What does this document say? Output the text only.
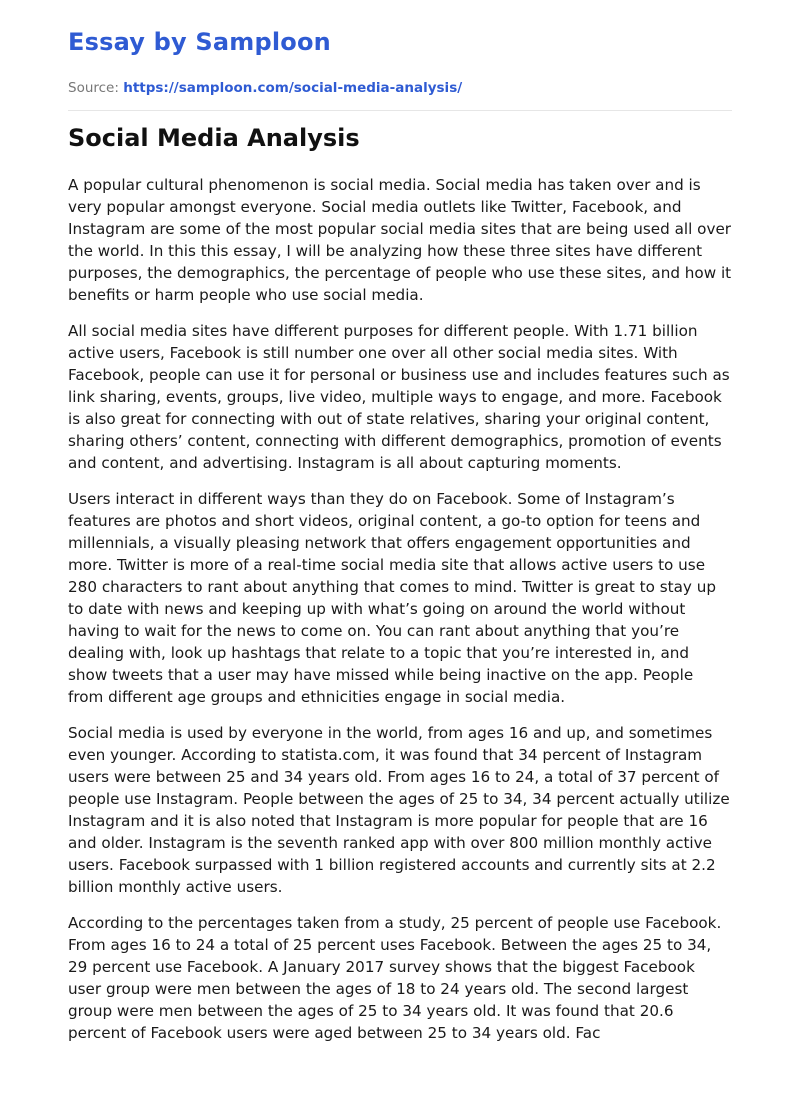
Essay by Samploon
Source: https://samploon.com/social-media-analysis/
Social Media Analysis

A popular cultural phenomenon is social media. Social media has taken over and is very popular amongst everyone. Social media outlets like Twitter, Facebook, and Instagram are some of the most popular social media sites that are being used all over the world. In this this essay, I will be analyzing how these three sites have different purposes, the demographics, the percentage of people who use these sites, and how it benefits or harm people who use social media.

All social media sites have different purposes for different people. With 1.71 billion active users, Facebook is still number one over all other social media sites. With Facebook, people can use it for personal or business use and includes features such as link sharing, events, groups, live video, multiple ways to engage, and more. Facebook is also great for connecting with out of state relatives, sharing your original content, sharing others’ content, connecting with different demographics, promotion of events and content, and advertising. Instagram is all about capturing moments.

Users interact in different ways than they do on Facebook. Some of Instagram’s features are photos and short videos, original content, a go-to option for teens and millennials, a visually pleasing network that offers engagement opportunities and more. Twitter is more of a real-time social media site that allows active users to use 280 characters to rant about anything that comes to mind. Twitter is great to stay up to date with news and keeping up with what’s going on around the world without having to wait for the news to come on. You can rant about anything that you’re dealing with, look up hashtags that relate to a topic that you’re interested in, and show tweets that a user may have missed while being inactive on the app. People from different age groups and ethnicities engage in social media.

Social media is used by everyone in the world, from ages 16 and up, and sometimes even younger. According to statista.com, it was found that 34 percent of Instagram users were between 25 and 34 years old. From ages 16 to 24, a total of 37 percent of people use Instagram. People between the ages of 25 to 34, 34 percent actually utilize Instagram and it is also noted that Instagram is more popular for people that are 16 and older. Instagram is the seventh ranked app with over 800 million monthly active users. Facebook surpassed with 1 billion registered accounts and currently sits at 2.2 billion monthly active users.

According to the percentages taken from a study, 25 percent of people use Facebook. From ages 16 to 24 a total of 25 percent uses Facebook. Between the ages 25 to 34, 29 percent use Facebook. A January 2017 survey shows that the biggest Facebook user group were men between the ages of 18 to 24 years old. The second largest group were men between the ages of 25 to 34 years old. It was found that 20.6 percent of Facebook users were aged between 25 to 34 years old. Fac
